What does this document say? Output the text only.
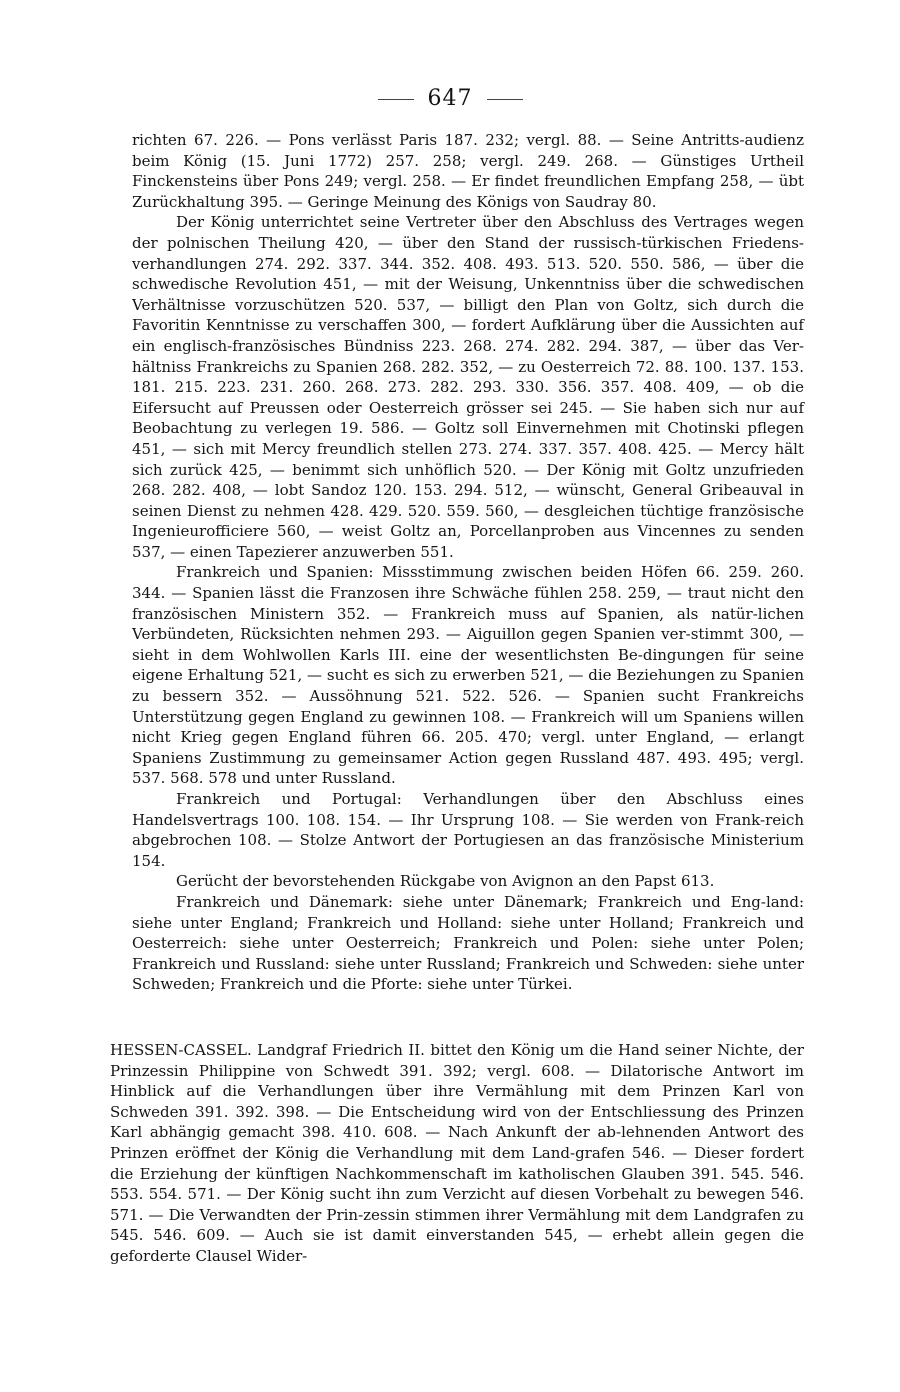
647

richten 67. 226. — Pons verlässt Paris 187. 232; vergl. 88. — Seine Antritts-audienz beim König (15. Juni 1772) 257. 258; vergl. 249. 268. — Günstiges Urtheil Finckensteins über Pons 249; vergl. 258. — Er findet freundlichen Empfang 258, — übt Zurückhaltung 395. — Geringe Meinung des Königs von Saudray 80.

Der König unterrichtet seine Vertreter über den Abschluss des Vertrages wegen der polnischen Theilung 420, — über den Stand der russisch-türkischen Friedens-verhandlungen 274. 292. 337. 344. 352. 408. 493. 513. 520. 550. 586, — über die schwedische Revolution 451, — mit der Weisung, Unkenntniss über die schwedischen Verhältnisse vorzuschützen 520. 537, — billigt den Plan von Goltz, sich durch die Favoritin Kenntnisse zu verschaffen 300, — fordert Aufklärung über die Aussichten auf ein englisch-französisches Bündniss 223. 268. 274. 282. 294. 387, — über das Ver-hältniss Frankreichs zu Spanien 268. 282. 352, — zu Oesterreich 72. 88. 100. 137. 153. 181. 215. 223. 231. 260. 268. 273. 282. 293. 330. 356. 357. 408. 409, — ob die Eifersucht auf Preussen oder Oesterreich grösser sei 245. — Sie haben sich nur auf Beobachtung zu verlegen 19. 586. — Goltz soll Einvernehmen mit Chotinski pflegen 451, — sich mit Mercy freundlich stellen 273. 274. 337. 357. 408. 425. — Mercy hält sich zurück 425, — benimmt sich unhöflich 520. — Der König mit Goltz unzufrieden 268. 282. 408, — lobt Sandoz 120. 153. 294. 512, — wünscht, General Gribeauval in seinen Dienst zu nehmen 428. 429. 520. 559. 560, — desgleichen tüchtige französische Ingenieurofficiere 560, — weist Goltz an, Porcellanproben aus Vincennes zu senden 537, — einen Tapezierer anzuwerben 551.

Frankreich und Spanien: Missstimmung zwischen beiden Höfen 66. 259. 260. 344. — Spanien lässt die Franzosen ihre Schwäche fühlen 258. 259, — traut nicht den französischen Ministern 352. — Frankreich muss auf Spanien, als natür-lichen Verbündeten, Rücksichten nehmen 293. — Aiguillon gegen Spanien ver-stimmt 300, — sieht in dem Wohlwollen Karls III. eine der wesentlichsten Be-dingungen für seine eigene Erhaltung 521, — sucht es sich zu erwerben 521, — die Beziehungen zu Spanien zu bessern 352. — Aussöhnung 521. 522. 526. — Spanien sucht Frankreichs Unterstützung gegen England zu gewinnen 108. — Frankreich will um Spaniens willen nicht Krieg gegen England führen 66. 205. 470; vergl. unter England, — erlangt Spaniens Zustimmung zu gemeinsamer Action gegen Russland 487. 493. 495; vergl. 537. 568. 578 und unter Russland.

Frankreich und Portugal: Verhandlungen über den Abschluss eines Handelsvertrags 100. 108. 154. — Ihr Ursprung 108. — Sie werden von Frank-reich abgebrochen 108. — Stolze Antwort der Portugiesen an das französische Ministerium 154.

Gerücht der bevorstehenden Rückgabe von Avignon an den Papst 613.

Frankreich und Dänemark: siehe unter Dänemark; Frankreich und Eng-land: siehe unter England; Frankreich und Holland: siehe unter Holland; Frankreich und Oesterreich: siehe unter Oesterreich; Frankreich und Polen: siehe unter Polen; Frankreich und Russland: siehe unter Russland; Frankreich und Schweden: siehe unter Schweden; Frankreich und die Pforte: siehe unter Türkei.

HESSEN-CASSEL. Landgraf Friedrich II. bittet den König um die Hand seiner Nichte, der Prinzessin Philippine von Schwedt 391. 392; vergl. 608. — Dilatorische Antwort im Hinblick auf die Verhandlungen über ihre Vermählung mit dem Prinzen Karl von Schweden 391. 392. 398. — Die Entscheidung wird von der Entschliessung des Prinzen Karl abhängig gemacht 398. 410. 608. — Nach Ankunft der ab-lehnenden Antwort des Prinzen eröffnet der König die Verhandlung mit dem Land-grafen 546. — Dieser fordert die Erziehung der künftigen Nachkommenschaft im katholischen Glauben 391. 545. 546. 553. 554. 571. — Der König sucht ihn zum Verzicht auf diesen Vorbehalt zu bewegen 546. 571. — Die Verwandten der Prin-zessin stimmen ihrer Vermählung mit dem Landgrafen zu 545. 546. 609. — Auch sie ist damit einverstanden 545, — erhebt allein gegen die geforderte Clausel Wider-
